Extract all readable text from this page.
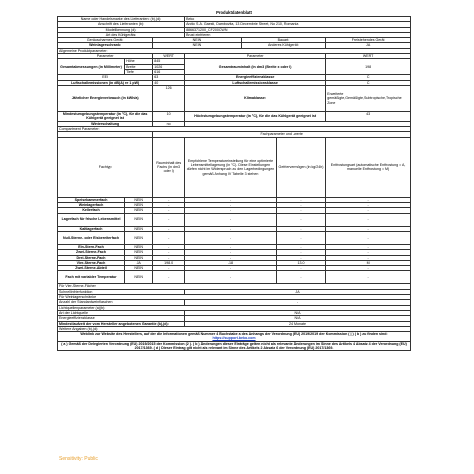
Produktdatenblatt
Name oder Handelsmarke des Lieferanten: (b),(d):			Beko			
Anschrift des Lieferanten (b):			Arctic S.A. Gaesti, Dambovita, 13 Decembrie Street, No 210, Romania			
Modellkennung (d):			8866371200_CF200CWN			
Art des Kühlgeräts:			Brust einfrieren			
Geräuscharmes Gerät:		NEIN		Bauart:		Freistehendes Gerät
Weinlagerschrank:		NEIN		Anderes Kühlgerät:		JA
Allgemeine Produktparameter:						
Parameter		WERT	Parameter			WERT
Gesamtabmessungen (in Millimeter)	Höhe	845	Gesamtrauminhalt (in dm3 (Breite x oder l)			198
	Breite	1026				
	Tiefe	616				
EEI		63	Energieeffizienzklasse			C
Luftschallemissionen (in dB(A) re 1 pW)		40	Luftschallemissionsklasse			C
Jährlicher Energieverbrauch (in kWh/a)		126	Klimaklasse:			Erweiterte gemäßigte,Gemäßigte,Subtropische,Tropische Zone
Mindestumgebungstemperatur (in °C), für die das Kühlgerät geeignet ist		10	Höchstumgebungstemperatur (in °C), für die das Kühlgerät geeignet ist			43
Winterschaltung		no				
Compartment Parameter:						
		Fachparameter und -werte				
Fachtyp		Rauminhalt des Fachs (in dm3 oder l)	Empfohlene Temperatureinstellung für eine optimierte Lebensmittellagerung (in °C). Diese Einstellungen dürfen nicht im Widerspruch zu den Lagerbedingungen gemäß Anhang IV Tabelle 3 stehen		Gefriervermögen (in kg/24h)	Entfrostungsart (automatische Entfrostung = A, manuelle Entfrostung = M)
Speisekammerfach	NEIN	-	-		-	-
Weinlagerfach	NEIN	-	-		-	-
Kellerfach	NEIN	-	-		-	-
Lagerfach für frische Lebensmittel	NEIN	-	-		-	-
Kaltlagerfach	NEIN	-	-		-	-
Null-Sterne- oder Eisbereiterfach	NEIN	-	-		-	-
Ein-Stern-Fach	NEIN	-	-		-	-
Zwei-Sterne-Fach	NEIN	-	-		-	-
Drei-Sterne-Fach	NEIN	-	-		-	-
Vier-Sterne-Fach	JA	198.0	-18		13.0	M
Zwei-Sterne-Abteil	NEIN	-	-		-	-
Fach mit variabler Temperatur	NEIN	-	-		-	-
Für Vier-Sterne-Fächer						
Schnellinfrierfunktion			JA			
Für Weinlagerschränke						
Anzahl der Standardweinflaschen			-			
Lichtquellenparameter (a)(b):						
Art der Lichtquelle			N/A			
Energieeffizienzklasse			N/A			
Mindestlaufzeit der vom Hersteller angebotenen Garantie (b),(d):			24 Monate			
Weitere Angaben (b),(d):						
Weblink zur Website des Herstellers, auf der die Informationen gemäß Nummer 4 Buchstabe a des Anhangs der Verordnung (EU) 2019/2019 der Kommission ( | ) ( b ) zu finden sind:
https://support.beko.com						
( a ) Gemäß der Delegierten Verordnung (EU) 2019/2015 der Kommission (2 ). ( b ) Änderungen dieser Einträge gelten nicht als relevante Änderungen im Sinne des Artikels 4 Absatz 4 der Verordnung (EU) 2017/1369. ( d ) Dieser Eintrag gilt nicht als relevant im Sinne des Artikels 2 Absatz 6 der Verordnung (EU) 2017/1369.						
Sensitivity: Public
